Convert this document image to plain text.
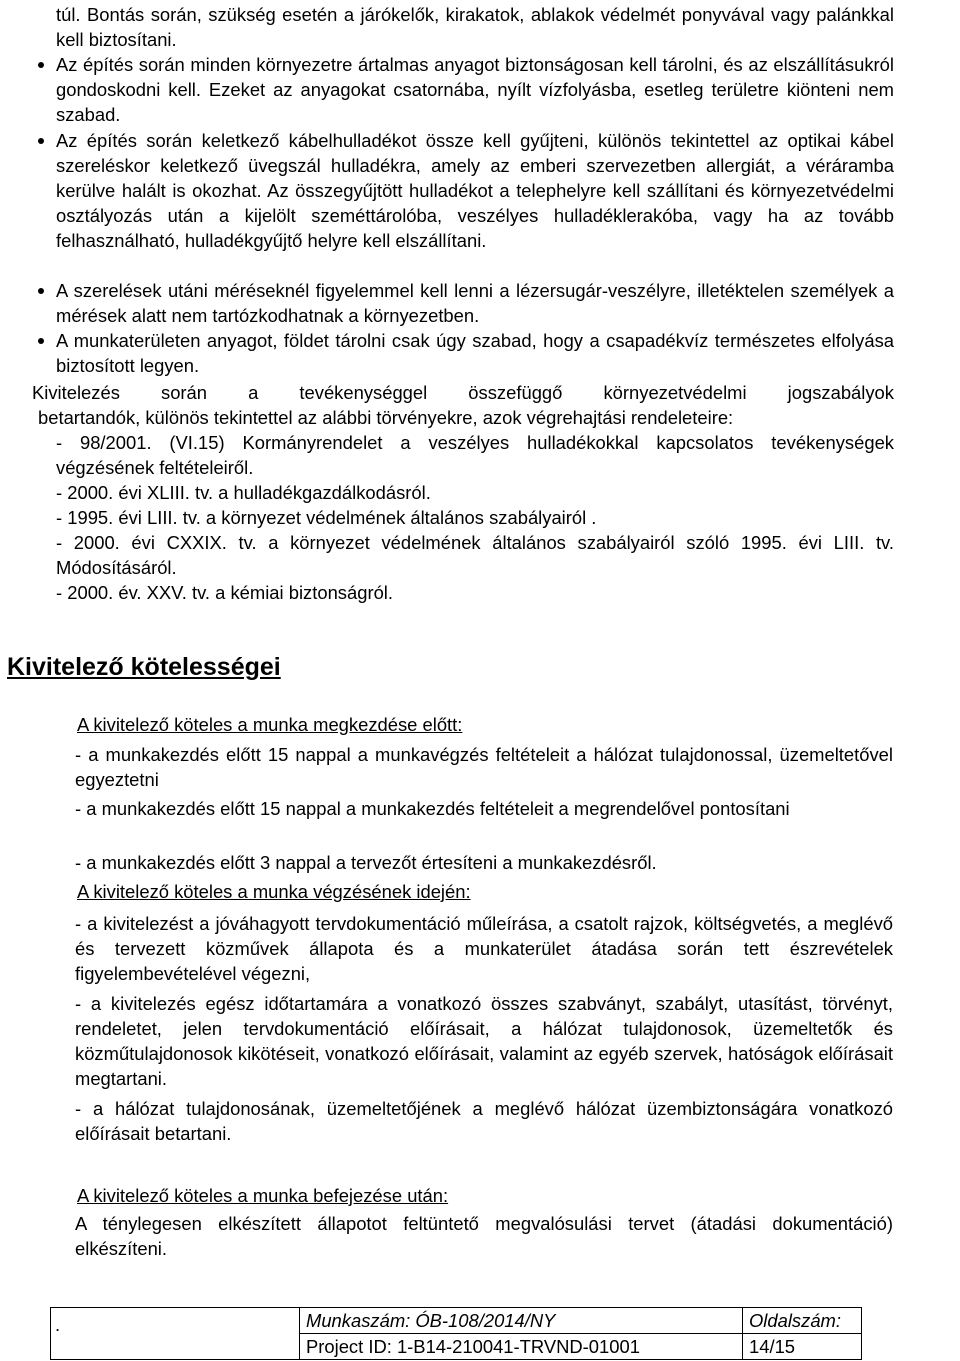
túl. Bontás során, szükség esetén a járókelők, kirakatok, ablakok védelmét ponyvával vagy palánkkal kell biztosítani.
Az építés során minden környezetre ártalmas anyagot biztonságosan kell tárolni, és az elszállításukról gondoskodni kell. Ezeket az anyagokat csatornába, nyílt vízfolyásba, esetleg területre kiönteni nem szabad.
Az építés során keletkező kábelhulladékot össze kell gyűjteni, különös tekintettel az optikai kábel szereléskor keletkező üvegszál hulladékra, amely az emberi szervezetben allergiát, a véráramba kerülve halált is okozhat. Az összegyűjtött hulladékot a telephelyre kell szállítani és környezetvédelmi osztályozás után a kijelölt szeméttárolóba, veszélyes hulladéklerakóba, vagy ha az tovább felhasználható, hulladékgyűjtő helyre kell elszállítani.
A szerelések utáni méréseknél figyelemmel kell lenni a lézersugár-veszélyre, illetéktelen személyek a mérések alatt nem tartózkodhatnak a környezetben.
A munkaterületen anyagot, földet tárolni csak úgy szabad, hogy a csapadékvíz természetes elfolyása biztosított legyen.
Kivitelezés során a tevékenységgel összefüggő környezetvédelmi jogszabályok
betartandók, különös tekintettel az alábbi törvényekre, azok végrehajtási rendeleteire:
- 98/2001. (VI.15) Kormányrendelet a veszélyes hulladékokkal kapcsolatos tevékenységek végzésének feltételeiről.
- 2000. évi XLIII. tv. a hulladékgazdálkodásról.
- 1995. évi LIII. tv. a környezet védelmének általános szabályairól .
- 2000. évi CXXIX. tv. a környezet védelmének általános szabályairól szóló 1995. évi LIII. tv. Módosításáról.
- 2000. év. XXV. tv. a kémiai biztonságról.
Kivitelező kötelességei
A kivitelező köteles a munka megkezdése előtt:
- a munkakezdés előtt 15 nappal a munkavégzés feltételeit a hálózat tulajdonossal, üzemeltetővel egyeztetni
- a munkakezdés előtt 15 nappal a munkakezdés feltételeit a megrendelővel pontosítani
- a munkakezdés előtt 3 nappal a tervezőt értesíteni a munkakezdésről.
A kivitelező köteles a munka végzésének idején:
- a kivitelezést a jóváhagyott tervdokumentáció műleírása, a csatolt rajzok, költségvetés, a meglévő és tervezett közművek állapota és a munkaterület átadása során tett észrevételek figyelembevételével végezni,
- a kivitelezés egész időtartamára a vonatkozó összes szabványt, szabályt, utasítást, törvényt, rendeletet, jelen tervdokumentáció előírásait, a hálózat tulajdonosok, üzemeltetők és közműtulajdonosok kikötéseit, vonatkozó előírásait, valamint az egyéb szervek, hatóságok előírásait megtartani.
- a hálózat tulajdonosának, üzemeltetőjének a meglévő hálózat üzembiztonságára vonatkozó előírásait betartani.
A kivitelező köteles a munka befejezése után:
A ténylegesen elkészített állapotot feltüntető megvalósulási tervet (átadási dokumentáció) elkészíteni.
.	Munkaszám: ÓB-108/2014/NY	Oldalszám:
	Project ID: 1-B14-210041-TRVND-01001	14/15
